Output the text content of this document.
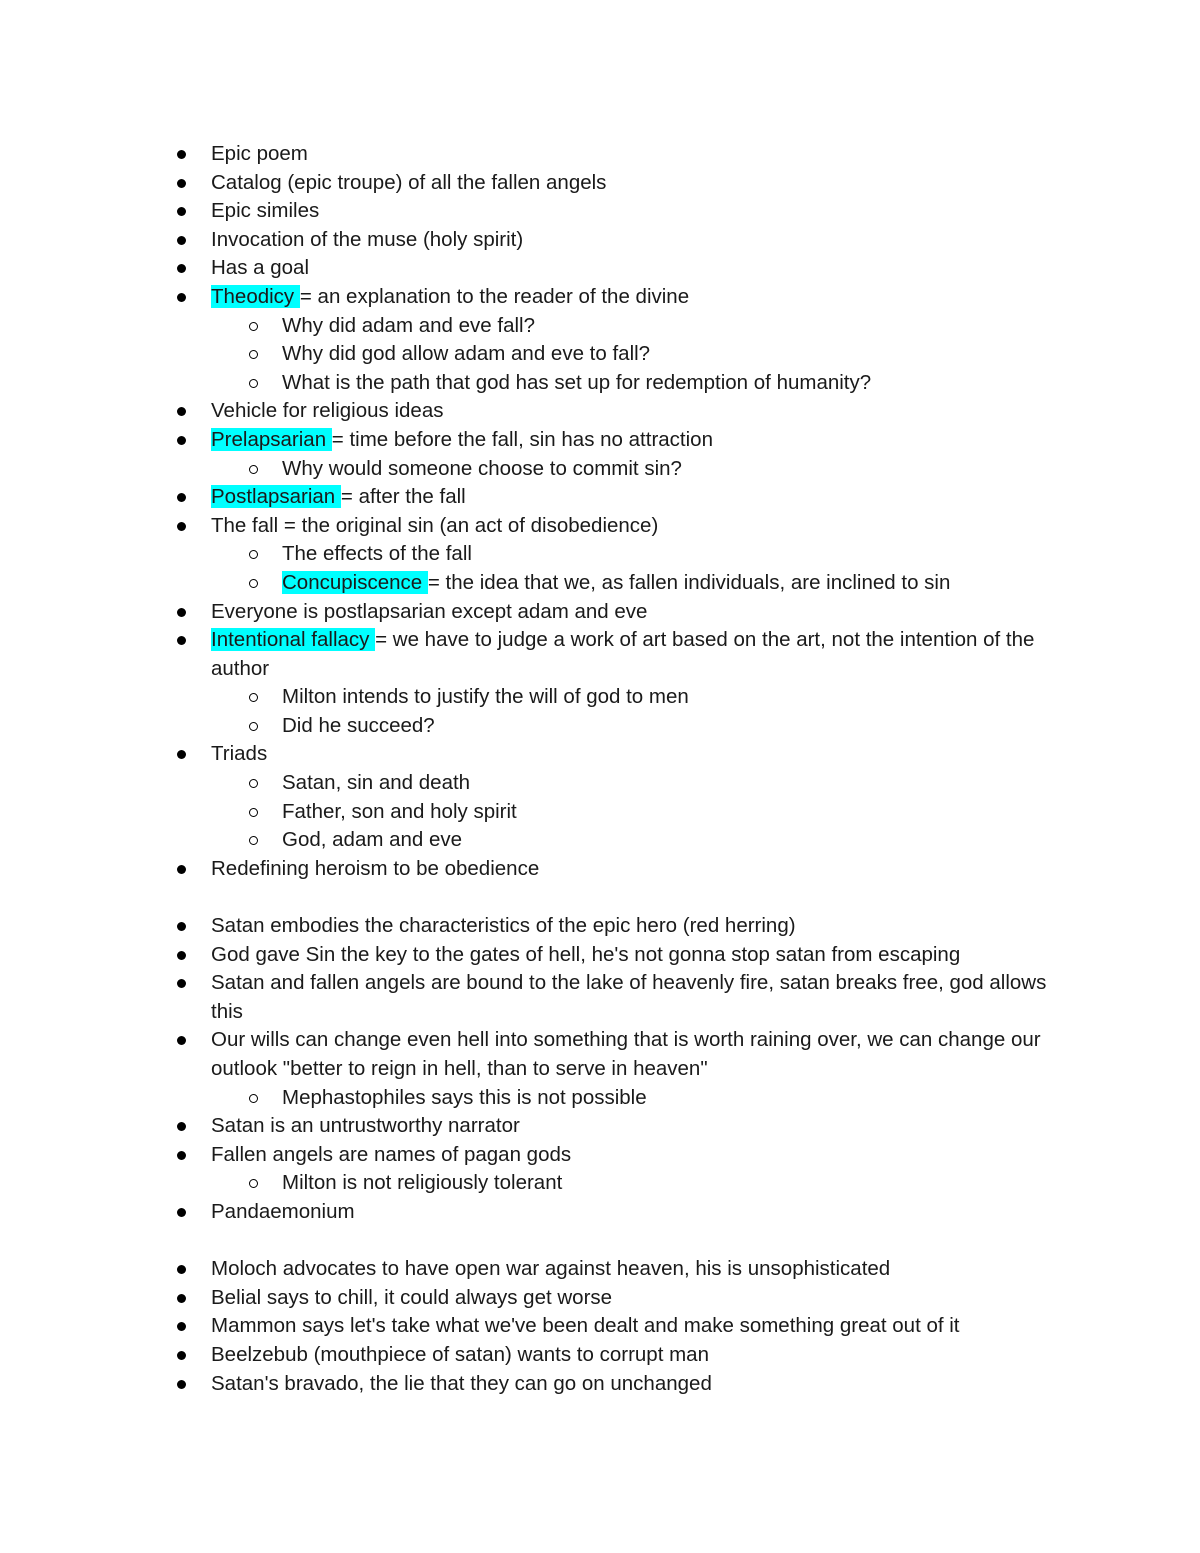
Epic poem
Catalog (epic troupe) of all the fallen angels
Epic similes
Invocation of the muse (holy spirit)
Has a goal
Theodicy = an explanation to the reader of the divine
Why did adam and eve fall?
Why did god allow adam and eve to fall?
What is the path that god has set up for redemption of humanity?
Vehicle for religious ideas
Prelapsarian = time before the fall, sin has no attraction
Why would someone choose to commit sin?
Postlapsarian = after the fall
The fall = the original sin (an act of disobedience)
The effects of the fall
Concupiscence = the idea that we, as fallen individuals, are inclined to sin
Everyone is postlapsarian except adam and eve
Intentional fallacy = we have to judge a work of art based on the art, not the intention of the author
Milton intends to justify the will of god to men
Did he succeed?
Triads
Satan, sin and death
Father, son and holy spirit
God, adam and eve
Redefining heroism to be obedience
Satan embodies the characteristics of the epic hero (red herring)
God gave Sin the key to the gates of hell, he's not gonna stop satan from escaping
Satan and fallen angels are bound to the lake of heavenly fire, satan breaks free, god allows this
Our wills can change even hell into something that is worth raining over, we can change our outlook "better to reign in hell, than to serve in heaven"
Mephastophiles says this is not possible
Satan is an untrustworthy narrator
Fallen angels are names of pagan gods
Milton is not religiously tolerant
Pandaemonium
Moloch advocates to have open war against heaven, his is unsophisticated
Belial says to chill, it could always get worse
Mammon says let's take what we've been dealt and make something great out of it
Beelzebub (mouthpiece of satan) wants to corrupt man
Satan's bravado, the lie that they can go on unchanged
